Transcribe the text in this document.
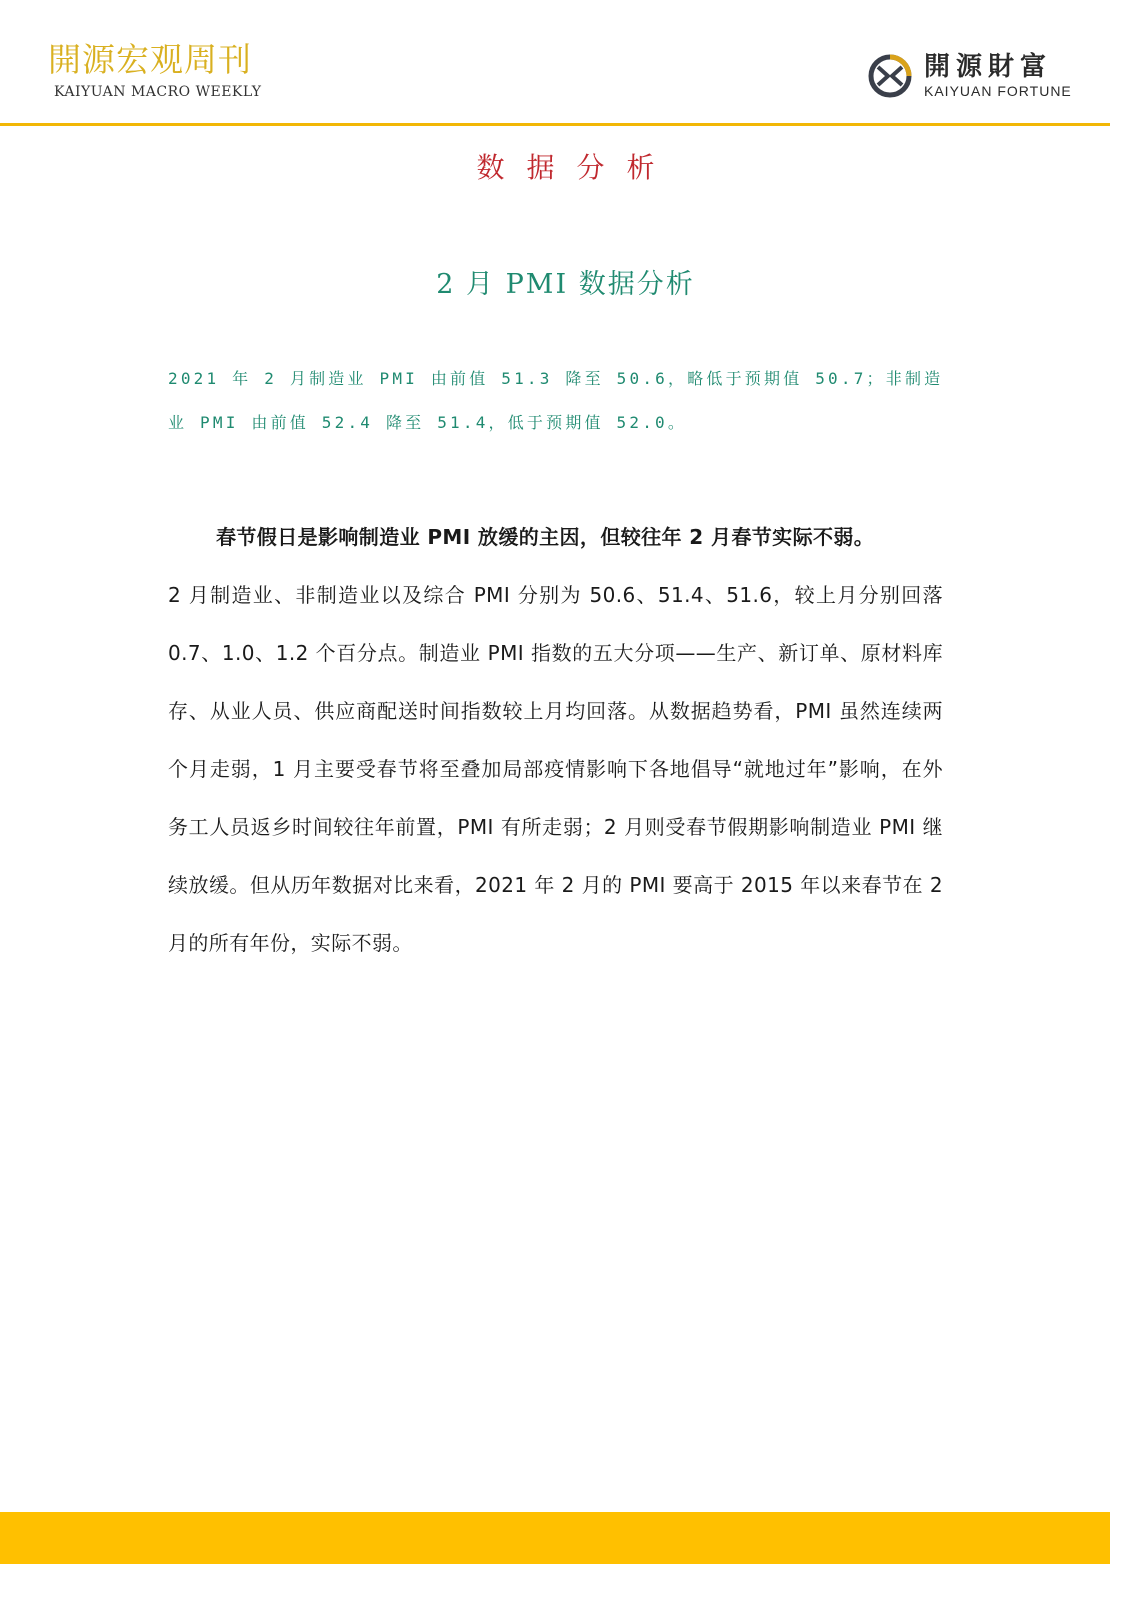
開源宏观周刊
KAIYUAN MACRO WEEKLY
開源財富
KAIYUAN FORTUNE
数据分析
2 月 PMI 数据分析
2021 年 2 月制造业 PMI 由前值 51.3 降至 50.6，略低于预期值 50.7；非制造业 PMI 由前值 52.4 降至 51.4，低于预期值 52.0。
春节假日是影响制造业 PMI 放缓的主因，但较往年 2 月春节实际不弱。
2 月制造业、非制造业以及综合 PMI 分别为 50.6、51.4、51.6，较上月分别回落 0.7、1.0、1.2 个百分点。制造业 PMI 指数的五大分项——生产、新订单、原材料库存、从业人员、供应商配送时间指数较上月均回落。从数据趋势看，PMI 虽然连续两个月走弱，1 月主要受春节将至叠加局部疫情影响下各地倡导“就地过年”影响，在外务工人员返乡时间较往年前置，PMI 有所走弱；2 月则受春节假期影响制造业 PMI 继续放缓。但从历年数据对比来看，2021 年 2 月的 PMI 要高于 2015 年以来春节在 2 月的所有年份，实际不弱。
